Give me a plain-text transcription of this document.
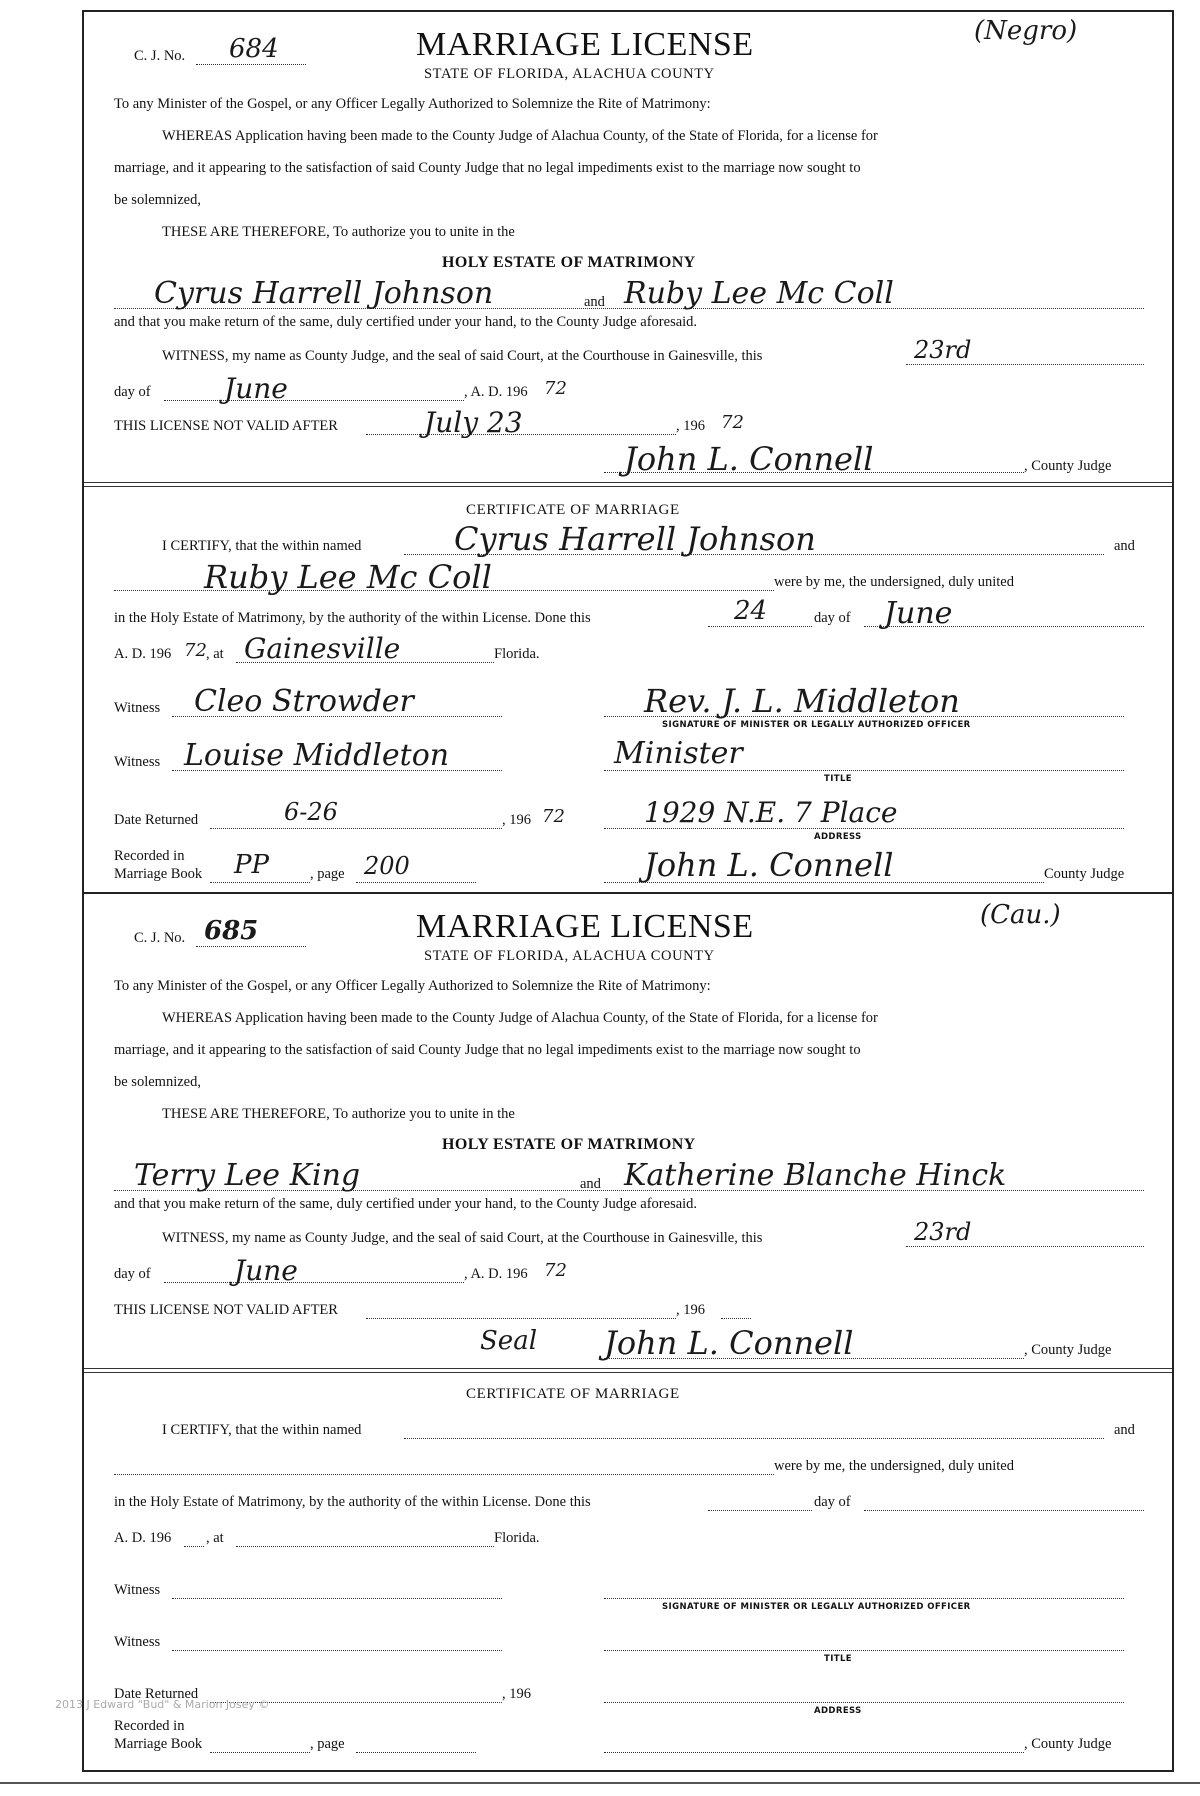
C. J. No. 684	MARRIAGE LICENSE
STATE OF FLORIDA, ALACHUA COUNTY
(Negro)
To any Minister of the Gospel, or any Officer Legally Authorized to Solemnize the Rite of Matrimony:
WHEREAS Application having been made to the County Judge of Alachua County, of the State of Florida, for a license for
marriage, and it appearing to the satisfaction of said County Judge that no legal impediments exist to the marriage now sought to
be solemnized,
THESE ARE THEREFORE, To authorize you to unite in the
HOLY ESTATE OF MATRIMONY
Cyrus Harrell Johnson	and Ruby Lee Mc Coll
and that you make return of the same, duly certified under your hand, to the County Judge aforesaid.
WITNESS, my name as County Judge, and the seal of said Court, at the Courthouse in Gainesville, this	23rd
day of	June	, A. D. 196 72
THIS LICENSE NOT VALID AFTER	July 23	, 196 72
John L. Connell	, County Judge
CERTIFICATE OF MARRIAGE
I CERTIFY, that the within named	Cyrus Harrell Johnson	and
Ruby Lee Mc Coll	were by me, the undersigned, duly united
in the Holy Estate of Matrimony, by the authority of the within License. Done this	24	day of June
A. D. 196 72 , at Gainesville	Florida.
Witness Cleo Strowder	Rev. J. L. Middleton
SIGNATURE OF MINISTER OR LEGALLY AUTHORIZED OFFICER
Witness Louise Middleton	Minister
TITLE
Date Returned	6-26	, 196 72	1929 N.E. 7 Place
ADDRESS
Recorded in
Marriage Book PP	, page 200	John L. Connell	County Judge
C. J. No. 685	MARRIAGE LICENSE
STATE OF FLORIDA, ALACHUA COUNTY
(Cau.)
To any Minister of the Gospel, or any Officer Legally Authorized to Solemnize the Rite of Matrimony:
WHEREAS Application having been made to the County Judge of Alachua County, of the State of Florida, for a license for
marriage, and it appearing to the satisfaction of said County Judge that no legal impediments exist to the marriage now sought to
be solemnized,
THESE ARE THEREFORE, To authorize you to unite in the
HOLY ESTATE OF MATRIMONY
Terry Lee King	and Katherine Blanche Hinck
and that you make return of the same, duly certified under your hand, to the County Judge aforesaid.
WITNESS, my name as County Judge, and the seal of said Court, at the Courthouse in Gainesville, this	23rd
day of	June	, A. D. 196 72
THIS LICENSE NOT VALID AFTER	, 196
Seal John L. Connell	, County Judge
CERTIFICATE OF MARRIAGE
I CERTIFY, that the within named	and
were by me, the undersigned, duly united
in the Holy Estate of Matrimony, by the authority of the within License. Done this	day of
A. D. 196 , at	Florida.
Witness
SIGNATURE OF MINISTER OR LEGALLY AUTHORIZED OFFICER
Witness
TITLE
Date Returned	, 196
ADDRESS
Recorded in
Marriage Book	, page	, County Judge
2013 J Edward "Bud" & Marion Josey ©
